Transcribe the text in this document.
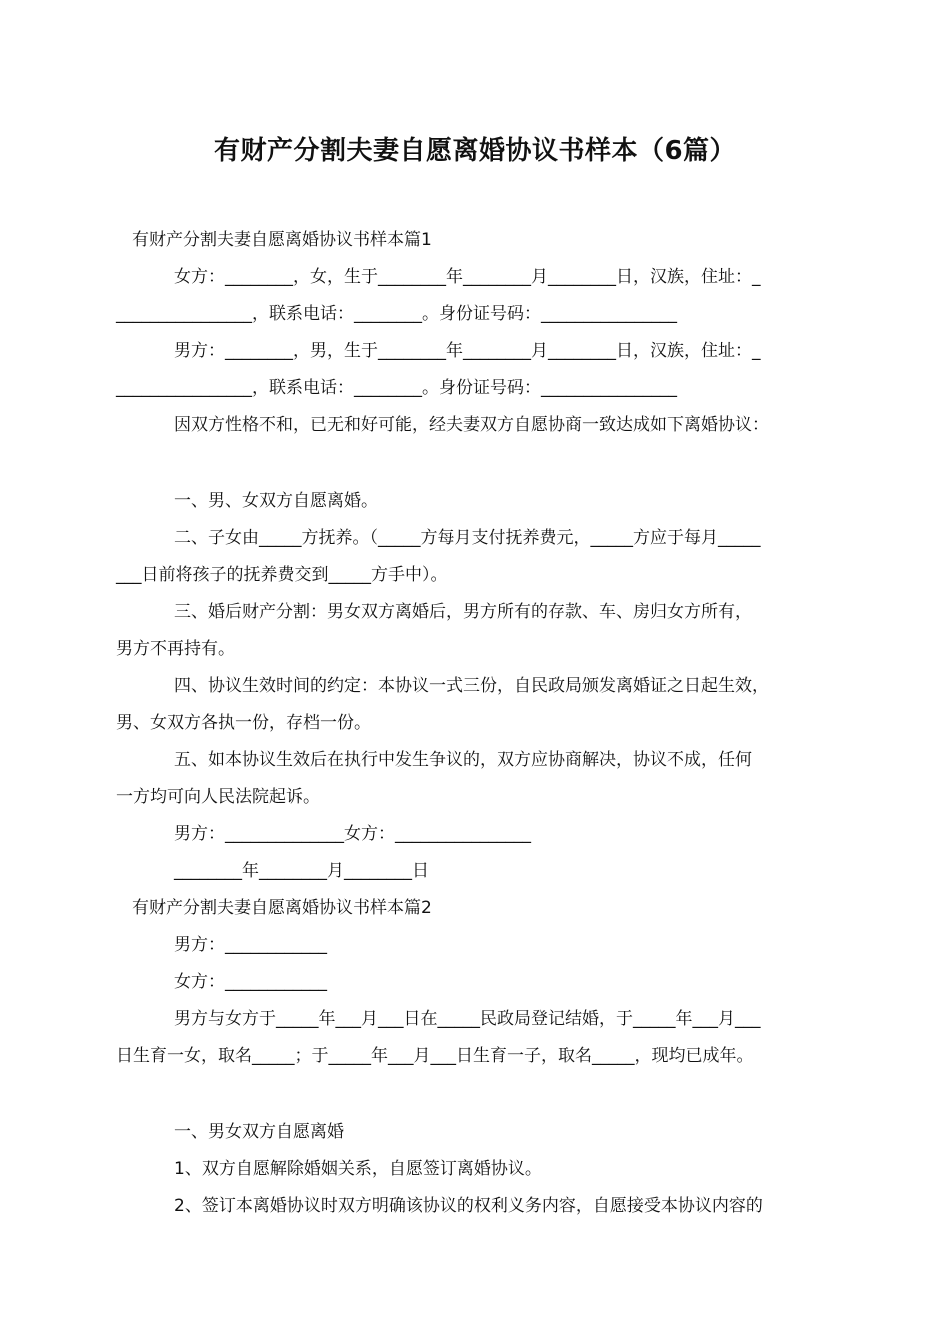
有财产分割夫妻自愿离婚协议书样本（6篇）
有财产分割夫妻自愿离婚协议书样本篇1
女方：________，女，生于________年________月________日，汉族，住址：_
________________，联系电话：________。身份证号码：________________
男方：________，男，生于________年________月________日，汉族，住址：_
________________，联系电话：________。身份证号码：________________
因双方性格不和，已无和好可能，经夫妻双方自愿协商一致达成如下离婚协议：
一、男、女双方自愿离婚。
二、子女由_____方抚养。（_____方每月支付抚养费元，_____方应于每月_____
___日前将孩子的抚养费交到_____方手中）。
三、婚后财产分割：男女双方离婚后，男方所有的存款、车、房归女方所有，
男方不再持有。
四、协议生效时间的约定：本协议一式三份，自民政局颁发离婚证之日起生效，
男、女双方各执一份，存档一份。
五、如本协议生效后在执行中发生争议的，双方应协商解决，协议不成，任何
一方均可向人民法院起诉。
男方：______________女方：________________
________年________月________日
有财产分割夫妻自愿离婚协议书样本篇2
男方：____________
女方：____________
男方与女方于_____年___月___日在_____民政局登记结婚，于_____年___月___
日生育一女，取名_____；于_____年___月___日生育一子，取名_____，现均已成年。
一、男女双方自愿离婚
1、双方自愿解除婚姻关系，自愿签订离婚协议。
2、签订本离婚协议时双方明确该协议的权利义务内容，自愿接受本协议内容的
